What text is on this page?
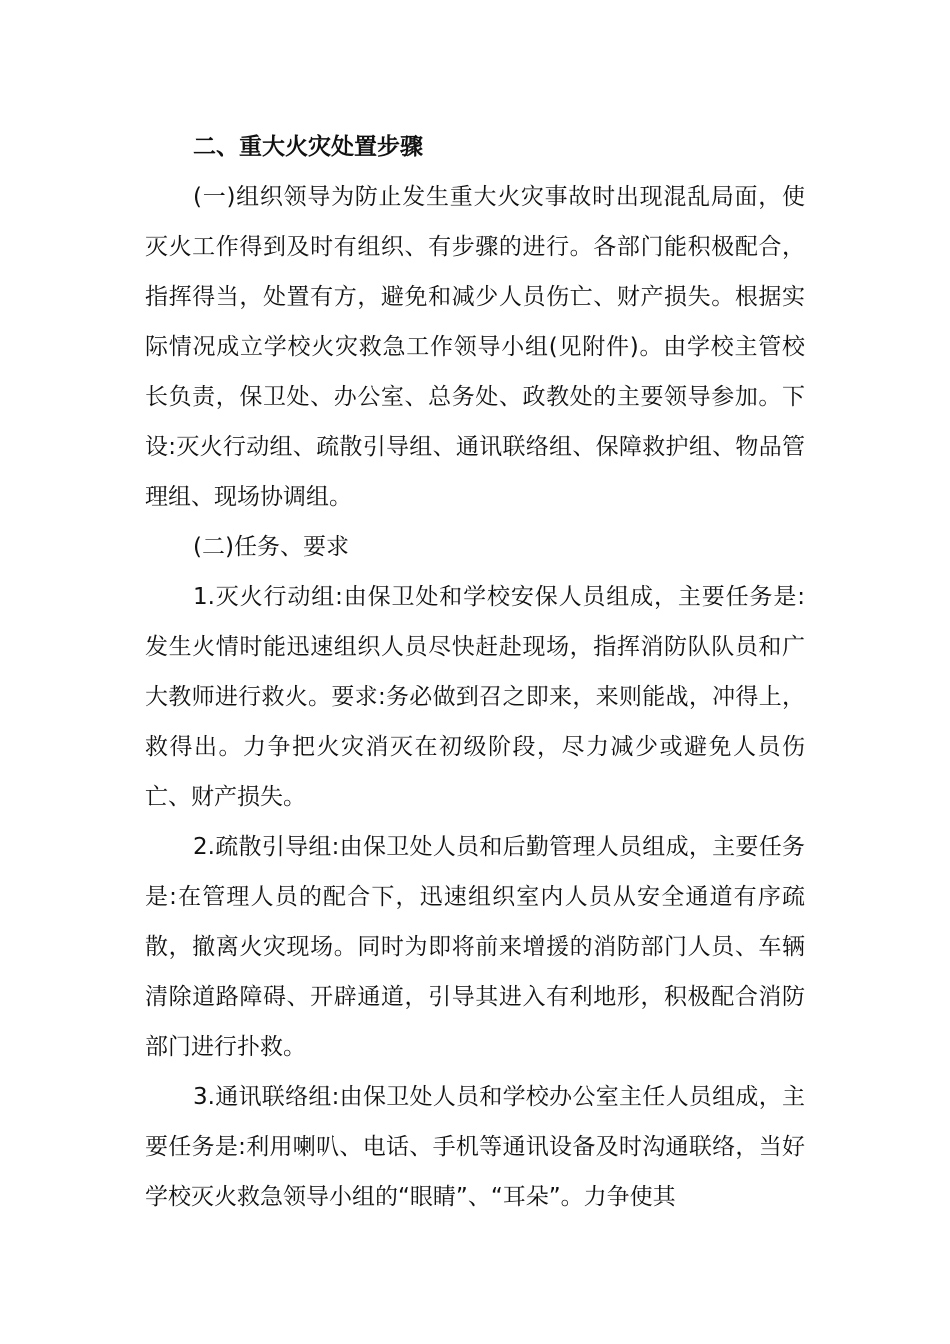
二、重大火灾处置步骤

(一)组织领导为防止发生重大火灾事故时出现混乱局面，使灭火工作得到及时有组织、有步骤的进行。各部门能积极配合，指挥得当，处置有方，避免和减少人员伤亡、财产损失。根据实际情况成立学校火灾救急工作领导小组(见附件)。由学校主管校长负责，保卫处、办公室、总务处、政教处的主要领导参加。下设:灭火行动组、疏散引导组、通讯联络组、保障救护组、物品管理组、现场协调组。

(二)任务、要求

1.灭火行动组:由保卫处和学校安保人员组成，主要任务是:发生火情时能迅速组织人员尽快赶赴现场，指挥消防队队员和广大教师进行救火。要求:务必做到召之即来，来则能战，冲得上，救得出。力争把火灾消灭在初级阶段，尽力减少或避免人员伤亡、财产损失。

2.疏散引导组:由保卫处人员和后勤管理人员组成，主要任务是:在管理人员的配合下，迅速组织室内人员从安全通道有序疏散，撤离火灾现场。同时为即将前来增援的消防部门人员、车辆清除道路障碍、开辟通道，引导其进入有利地形，积极配合消防部门进行扑救。

3.通讯联络组:由保卫处人员和学校办公室主任人员组成，主要任务是:利用喇叭、电话、手机等通讯设备及时沟通联络，当好学校灭火救急领导小组的“眼睛”、“耳朵”。力争使其
